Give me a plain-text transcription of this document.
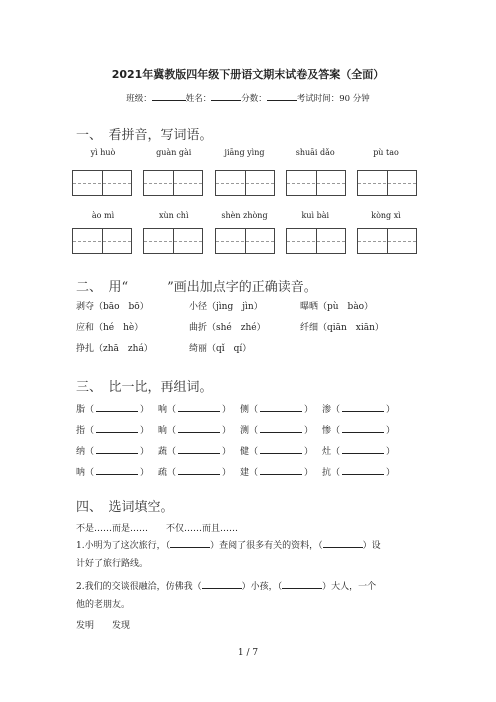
2021年冀教版四年级下册语文期末试卷及答案（全面）
班级：	姓名：	分数：	考试时间：90 分钟
一、　看拼音，写词语。
yì huò	guàn gài	jiāng yìng	shuāi dǎo	pù tao
ào mì	xùn chì	shèn zhòng	kuì bài	kòng xì
二、　用“　　　”画出加点字的正确读音。
剥夺（bāo　bō）	小径（jìng　jìn）	曝晒（pù　bào）
应和（hé　hè）	曲折（shé　zhé）	纤细（qiān　xiān）
挣扎（zhā　zhá）	绮丽（qǐ　qí）
三、　比一比，再组词。
脂（	） 响（	） 侧（	） 渗（	）
指（	） 晌（	） 测（	） 惨（	）
纳（	） 蔬（	） 健（	） 灶（	）
呐（	） 疏（	） 建（	） 抗（	）
四、　选词填空。
不是……而是……　　不仅……而且……
1.小明为了这次旅行，（	）查阅了很多有关的资料，（	）设
计好了旅行路线。
2.我们的交谈很融洽，仿佛我（	）小孩，（	）大人，一个
他的老朋友。
发明　　发现
1 / 7
